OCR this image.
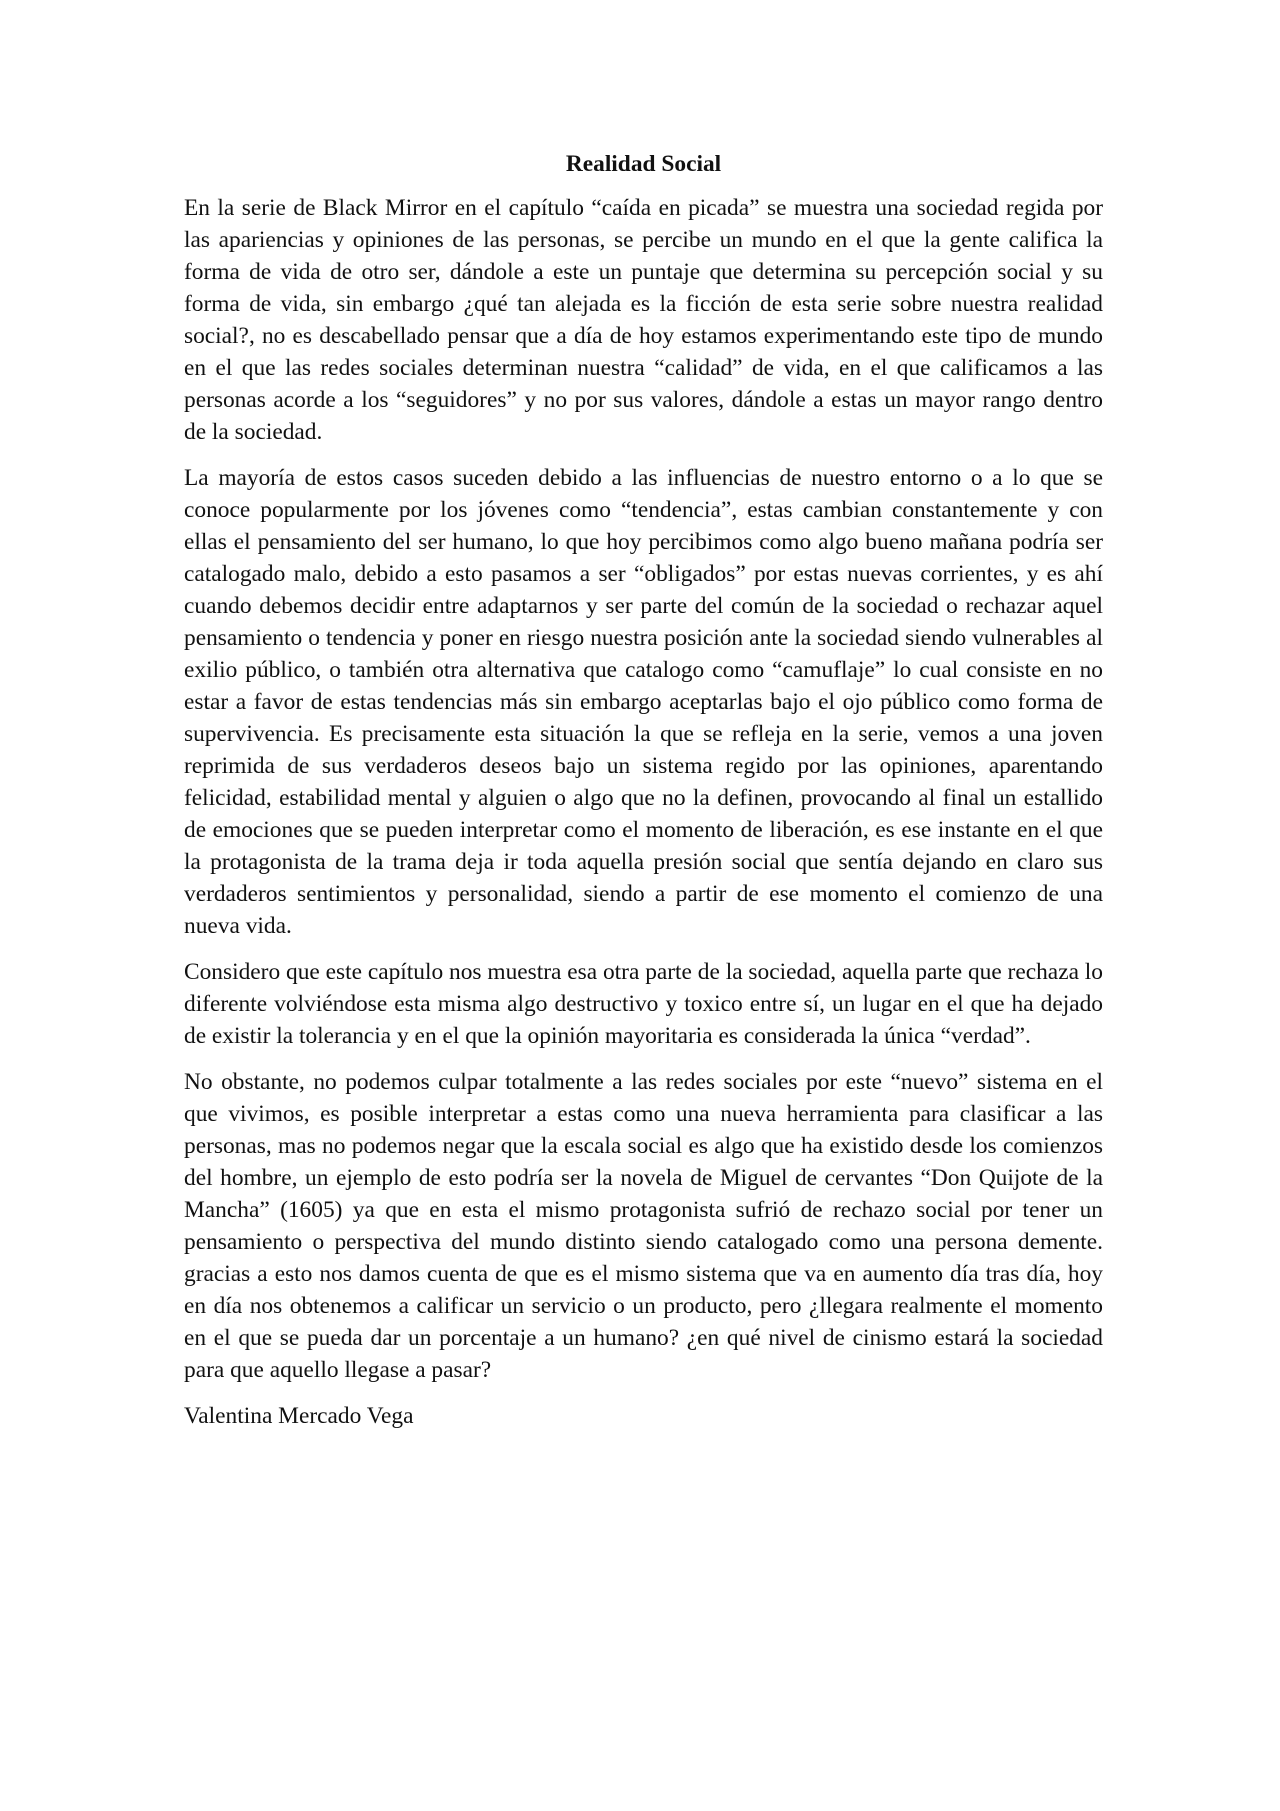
Realidad Social

En la serie de Black Mirror en el capítulo “caída en picada” se muestra una sociedad regida por las apariencias y opiniones de las personas, se percibe un mundo en el que la gente califica la forma de vida de otro ser, dándole a este un puntaje que determina su percepción social y su forma de vida, sin embargo ¿qué tan alejada es la ficción de esta serie sobre nuestra realidad social?, no es descabellado pensar que a día de hoy estamos experimentando este tipo de mundo en el que las redes sociales determinan nuestra “calidad” de vida, en el que calificamos a las personas acorde a los “seguidores” y no por sus valores, dándole a estas un mayor rango dentro de la sociedad.

La mayoría de estos casos suceden debido a las influencias de nuestro entorno o a lo que se conoce popularmente por los jóvenes como “tendencia”, estas cambian constantemente y con ellas el pensamiento del ser humano, lo que hoy percibimos como algo bueno mañana podría ser catalogado malo, debido a esto pasamos a ser “obligados” por estas nuevas corrientes, y es ahí cuando debemos decidir entre adaptarnos y ser parte del común de la sociedad o rechazar aquel pensamiento o tendencia y poner en riesgo nuestra posición ante la sociedad siendo vulnerables al exilio público, o también otra alternativa que catalogo como “camuflaje” lo cual consiste en no estar a favor de estas tendencias más sin embargo aceptarlas bajo el ojo público como forma de supervivencia. Es precisamente esta situación la que se refleja en la serie, vemos a una joven reprimida de sus verdaderos deseos bajo un sistema regido por las opiniones, aparentando felicidad, estabilidad mental y alguien o algo que no la definen, provocando al final un estallido de emociones que se pueden interpretar como el momento de liberación, es ese instante en el que la protagonista de la trama deja ir toda aquella presión social que sentía dejando en claro sus verdaderos sentimientos y personalidad, siendo a partir de ese momento el comienzo de una nueva vida.

Considero que este capítulo nos muestra esa otra parte de la sociedad, aquella parte que rechaza lo diferente volviéndose esta misma algo destructivo y toxico entre sí, un lugar en el que ha dejado de existir la tolerancia y en el que la opinión mayoritaria es considerada la única “verdad”.

No obstante, no podemos culpar totalmente a las redes sociales por este “nuevo” sistema en el que vivimos, es posible interpretar a estas como una nueva herramienta para clasificar a las personas, mas no podemos negar que la escala social es algo que ha existido desde los comienzos del hombre, un ejemplo de esto podría ser la novela de Miguel de cervantes “Don Quijote de la Mancha” (1605) ya que en esta el mismo protagonista sufrió de rechazo social por tener un pensamiento o perspectiva del mundo distinto siendo catalogado como una persona demente. gracias a esto nos damos cuenta de que es el mismo sistema que va en aumento día tras día, hoy en día nos obtenemos a calificar un servicio o un producto, pero ¿llegara realmente el momento en el que se pueda dar un porcentaje a un humano? ¿en qué nivel de cinismo estará la sociedad para que aquello llegase a pasar?

Valentina Mercado Vega
